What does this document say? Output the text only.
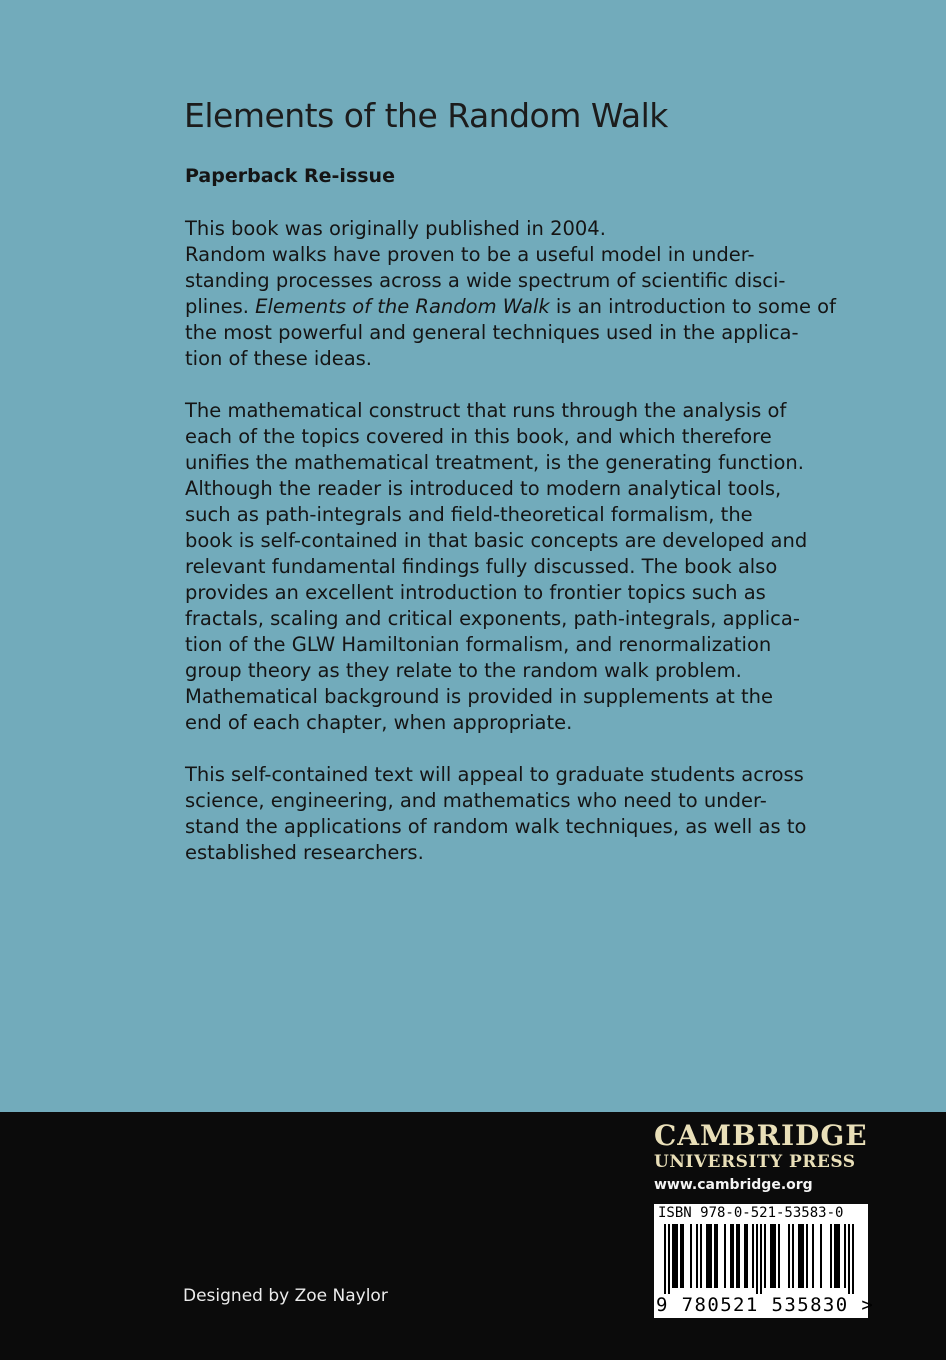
Elements of the Random Walk
Paperback Re-issue

This book was originally published in 2004.
Random walks have proven to be a useful model in under-
standing processes across a wide spectrum of scientific disci-
plines. Elements of the Random Walk is an introduction to some of
the most powerful and general techniques used in the applica-
tion of these ideas.

The mathematical construct that runs through the analysis of
each of the topics covered in this book, and which therefore
unifies the mathematical treatment, is the generating function.
Although the reader is introduced to modern analytical tools,
such as path-integrals and field-theoretical formalism, the
book is self-contained in that basic concepts are developed and
relevant fundamental findings fully discussed. The book also
provides an excellent introduction to frontier topics such as
fractals, scaling and critical exponents, path-integrals, applica-
tion of the GLW Hamiltonian formalism, and renormalization
group theory as they relate to the random walk problem.
Mathematical background is provided in supplements at the
end of each chapter, when appropriate.

This self-contained text will appeal to graduate students across
science, engineering, and mathematics who need to under-
stand the applications of random walk techniques, as well as to
established researchers.

Designed by Zoe Naylor
CAMBRIDGE
UNIVERSITY PRESS
www.cambridge.org
ISBN 978-0-521-53583-0
9 780521 535830 >
